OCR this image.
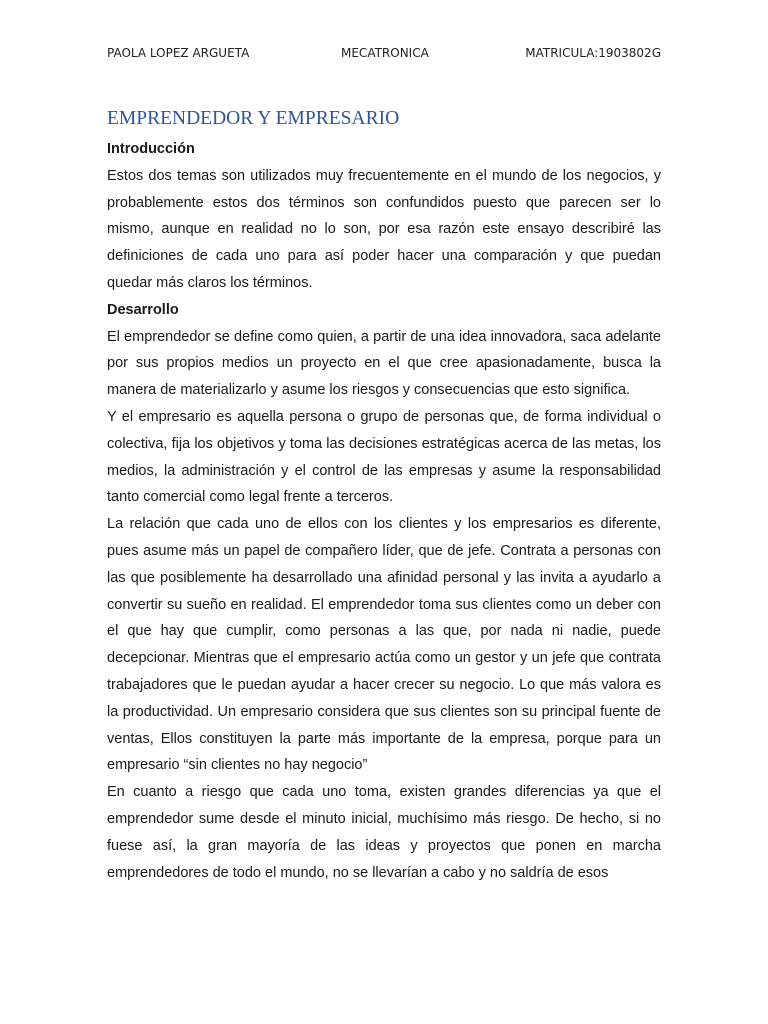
PAOLA LOPEZ ARGUETA	MECATRONICA	MATRICULA:1903802G
EMPRENDEDOR Y EMPRESARIO

Introducción

Estos dos temas son utilizados muy frecuentemente en el mundo de los negocios, y probablemente estos dos términos son confundidos puesto que parecen ser lo mismo, aunque en realidad no lo son, por esa razón este ensayo describiré las definiciones de cada uno para así poder hacer una comparación y que puedan quedar más claros los términos.

Desarrollo

El emprendedor se define como quien, a partir de una idea innovadora, saca adelante por sus propios medios un proyecto en el que cree apasionadamente, busca la manera de materializarlo y asume los riesgos y consecuencias que esto significa.

Y el empresario es aquella persona o grupo de personas que, de forma individual o colectiva, fija los objetivos y toma las decisiones estratégicas acerca de las metas, los medios, la administración y el control de las empresas y asume la responsabilidad tanto comercial como legal frente a terceros.

La relación que cada uno de ellos con los clientes y los empresarios es diferente, pues asume más un papel de compañero líder, que de jefe. Contrata a personas con las que posiblemente ha desarrollado una afinidad personal y las invita a ayudarlo a convertir su sueño en realidad. El emprendedor toma sus clientes como un deber con el que hay que cumplir, como personas a las que, por nada ni nadie, puede decepcionar. Mientras que el empresario actúa como un gestor y un jefe que contrata trabajadores que le puedan ayudar a hacer crecer su negocio. Lo que más valora es la productividad. Un empresario considera que sus clientes son su principal fuente de ventas, Ellos constituyen la parte más importante de la empresa, porque para un empresario “sin clientes no hay negocio”

En cuanto a riesgo que cada uno toma, existen grandes diferencias ya que el emprendedor sume desde el minuto inicial, muchísimo más riesgo. De hecho, si no fuese así, la gran mayoría de las ideas y proyectos que ponen en marcha emprendedores de todo el mundo, no se llevarían a cabo y no saldría de esos
